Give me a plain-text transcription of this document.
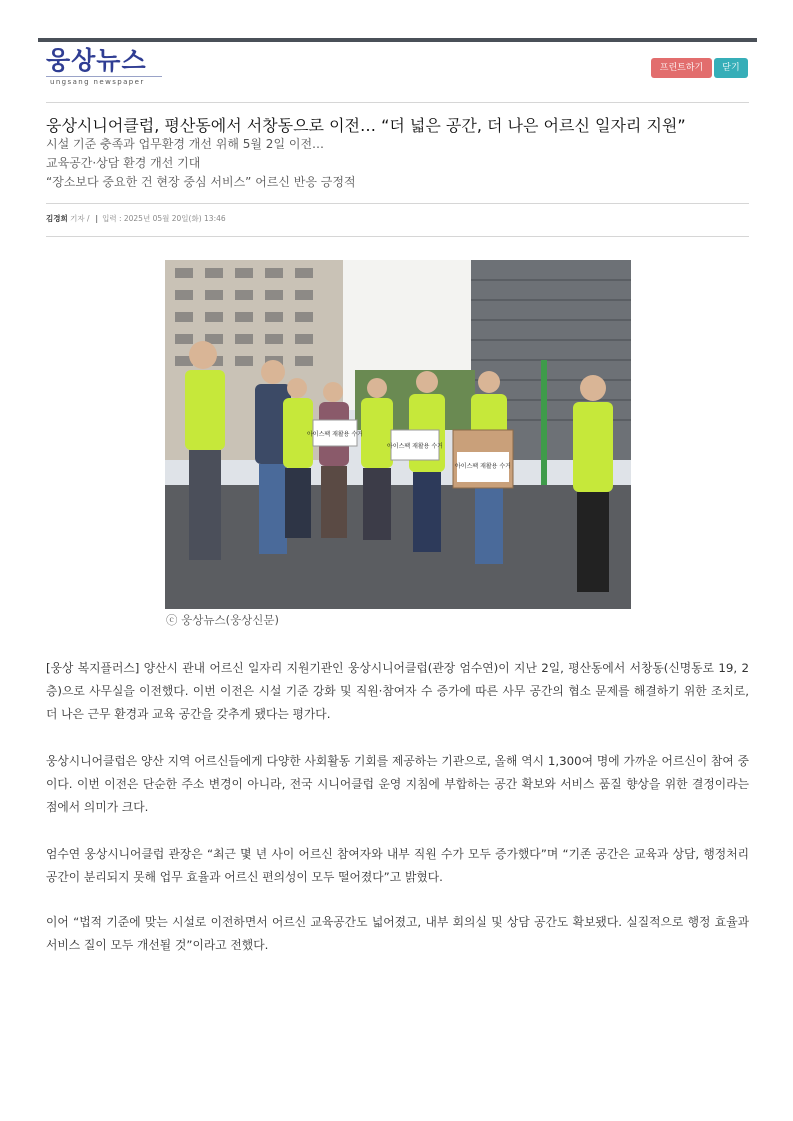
웅상뉴스
ungsang newspaper
프린트하기	닫기
웅상시니어클럽, 평산동에서 서창동으로 이전… “더 넓은 공간, 더 나은 어르신 일자리 지원”
시설 기준 충족과 업무환경 개선 위해 5월 2일 이전…
교육공간·상담 환경 개선 기대
“장소보다 중요한 건 현장 중심 서비스” 어르신 반응 긍정적
김경희 기자 / | 입력 : 2025년 05월 20일(화) 13:46
아이스팩 재활용 수거
아이스팩 재활용 수거
아이스팩 재활용 수거
ⓒ 웅상뉴스(웅상신문)
[웅상 복지플러스] 양산시 관내 어르신 일자리 지원기관인 웅상시니어클럽(관장 엄수연)이 지난 2일, 평산동에서 서창동(신명동로 19, 2층)으로 사무실을 이전했다. 이번 이전은 시설 기준 강화 및 직원·참여자 수 증가에 따른 사무 공간의 협소 문제를 해결하기 위한 조치로, 더 나은 근무 환경과 교육 공간을 갖추게 됐다는 평가다.
웅상시니어클럽은 양산 지역 어르신들에게 다양한 사회활동 기회를 제공하는 기관으로, 올해 역시 1,300여 명에 가까운 어르신이 참여 중이다. 이번 이전은 단순한 주소 변경이 아니라, 전국 시니어클럽 운영 지침에 부합하는 공간 확보와 서비스 품질 향상을 위한 결정이라는 점에서 의미가 크다.
엄수연 웅상시니어클럽 관장은 “최근 몇 년 사이 어르신 참여자와 내부 직원 수가 모두 증가했다”며 “기존 공간은 교육과 상담, 행정처리 공간이 분리되지 못해 업무 효율과 어르신 편의성이 모두 떨어졌다”고 밝혔다.
이어 “법적 기준에 맞는 시설로 이전하면서 어르신 교육공간도 넓어졌고, 내부 회의실 및 상담 공간도 확보됐다. 실질적으로 행정 효율과 서비스 질이 모두 개선될 것”이라고 전했다.
